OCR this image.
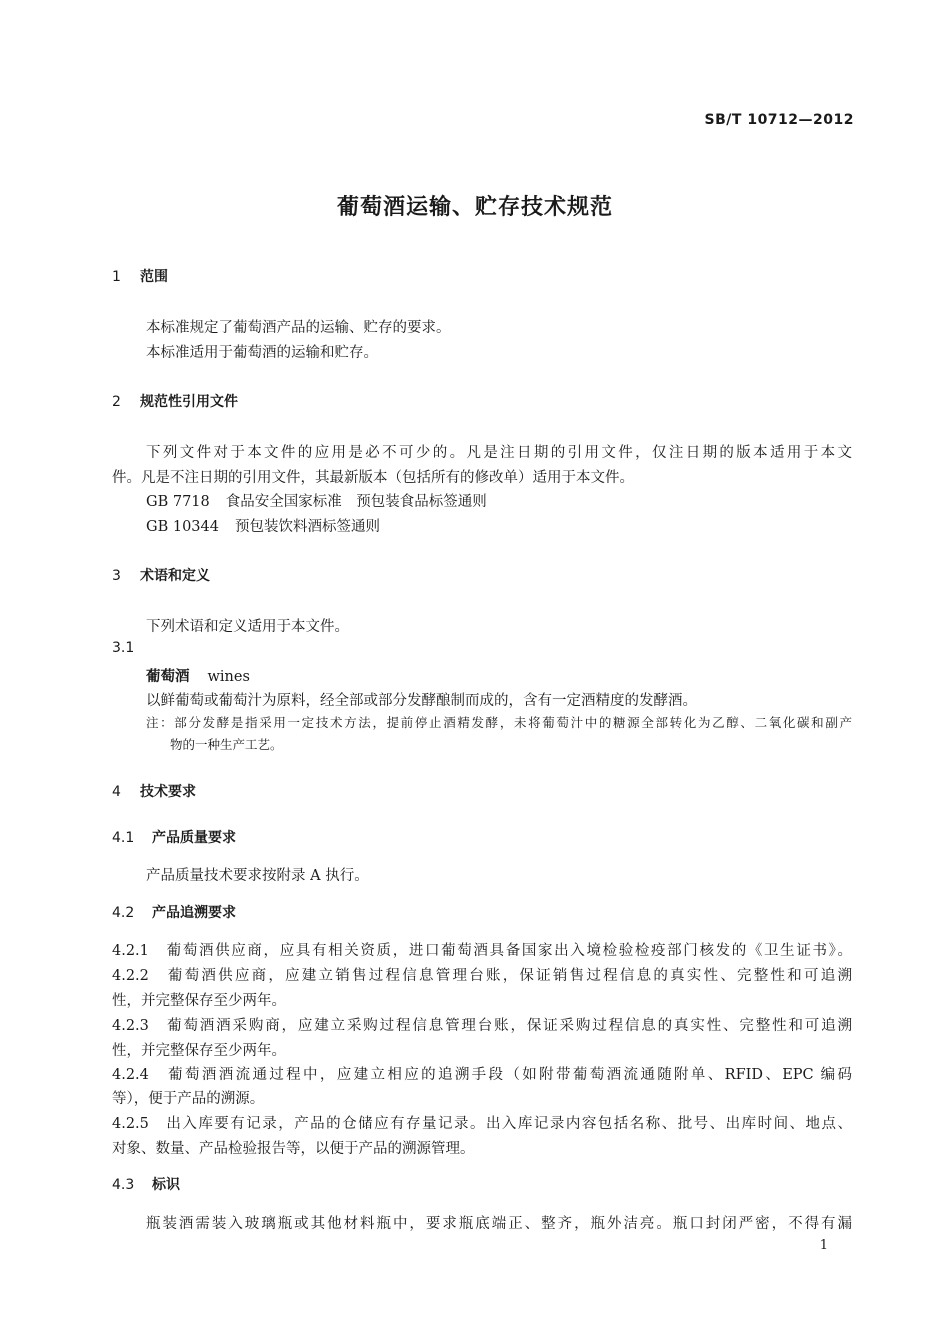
SB/T 10712—2012
葡萄酒运输、贮存技术规范
1 范围
本标准规定了葡萄酒产品的运输、贮存的要求。
本标准适用于葡萄酒的运输和贮存。
2 规范性引用文件
下列文件对于本文件的应用是必不可少的。凡是注日期的引用文件，仅注日期的版本适用于本文
件。凡是不注日期的引用文件，其最新版本（包括所有的修改单）适用于本文件。
GB 7718 食品安全国家标准　预包装食品标签通则
GB 10344 预包装饮料酒标签通则
3 术语和定义
下列术语和定义适用于本文件。
3.1
葡萄酒 wines
以鲜葡萄或葡萄汁为原料，经全部或部分发酵酿制而成的，含有一定酒精度的发酵酒。
注：部分发酵是指采用一定技术方法，提前停止酒精发酵，未将葡萄汁中的糖源全部转化为乙醇、二氧化碳和副产
物的一种生产工艺。
4 技术要求
4.1 产品质量要求
产品质量技术要求按附录 A 执行。
4.2 产品追溯要求
4.2.1　葡萄酒供应商，应具有相关资质，进口葡萄酒具备国家出入境检验检疫部门核发的《卫生证书》。
4.2.2　葡萄酒供应商，应建立销售过程信息管理台账，保证销售过程信息的真实性、完整性和可追溯
性，并完整保存至少两年。
4.2.3　葡萄酒酒采购商，应建立采购过程信息管理台账，保证采购过程信息的真实性、完整性和可追溯
性，并完整保存至少两年。
4.2.4　葡萄酒酒流通过程中，应建立相应的追溯手段（如附带葡萄酒流通随附单、RFID、EPC 编码
等），便于产品的溯源。
4.2.5　出入库要有记录，产品的仓储应有存量记录。出入库记录内容包括名称、批号、出库时间、地点、
对象、数量、产品检验报告等，以便于产品的溯源管理。
4.3 标识
瓶装酒需装入玻璃瓶或其他材料瓶中，要求瓶底端正、整齐，瓶外洁亮。瓶口封闭严密，不得有漏
1
